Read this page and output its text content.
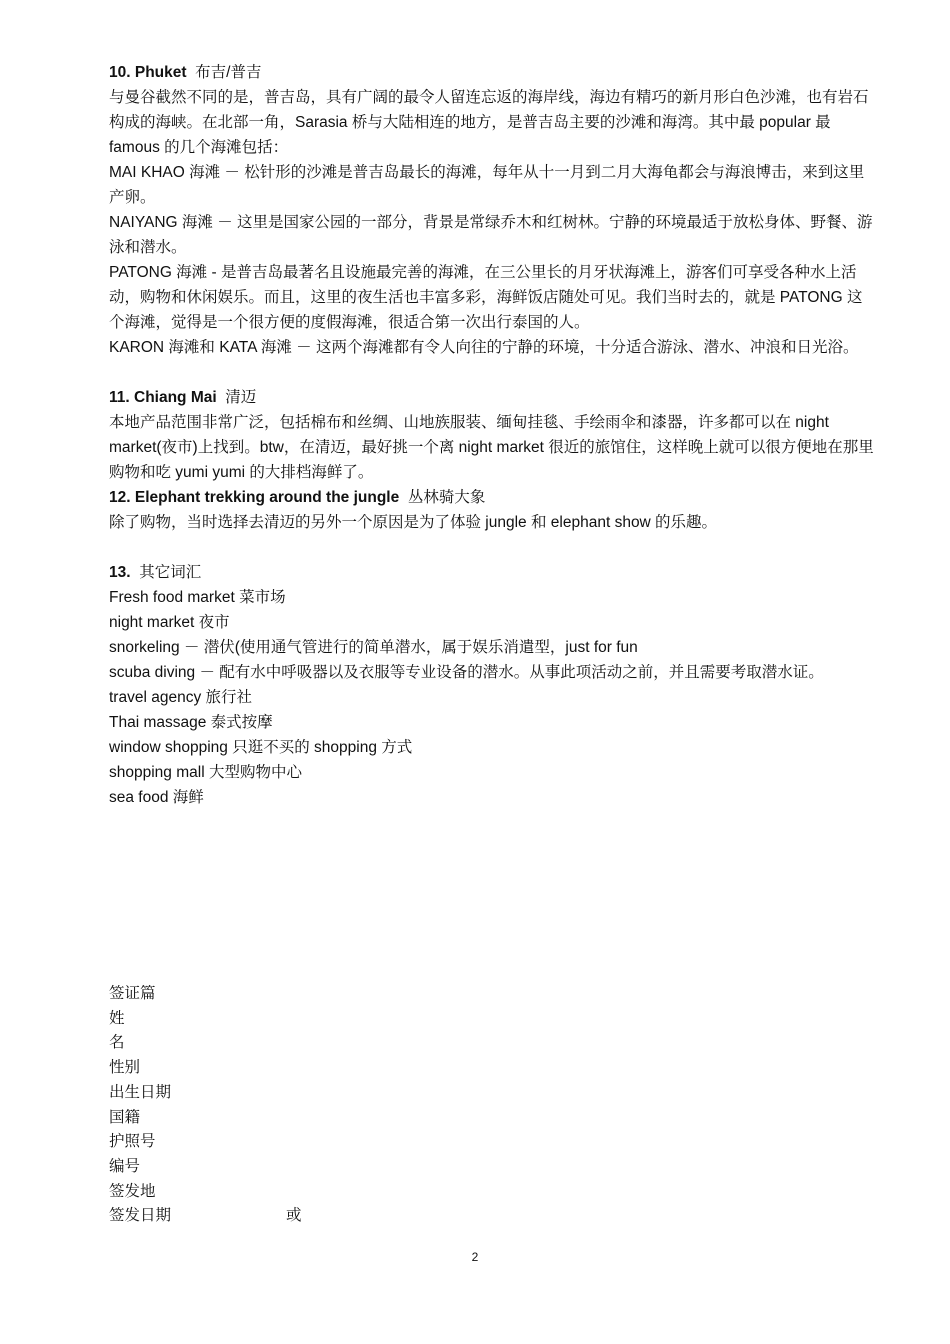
10. Phuket 布吉/普吉

与曼谷截然不同的是，普吉岛，具有广阔的最令人留连忘返的海岸线，海边有精巧的新月形白色沙滩，也有岩石构成的海峡。在北部一角，Sarasia 桥与大陆相连的地方，是普吉岛主要的沙滩和海湾。其中最 popular 最 famous 的几个海滩包括：

MAI KHAO 海滩 － 松针形的沙滩是普吉岛最长的海滩，每年从十一月到二月大海龟都会与海浪博击，来到这里产卵。

NAIYANG 海滩 － 这里是国家公园的一部分，背景是常绿乔木和红树林。宁静的环境最适于放松身体、野餐、游泳和潜水。

PATONG 海滩 - 是普吉岛最著名且设施最完善的海滩，在三公里长的月牙状海滩上，游客们可享受各种水上活动，购物和休闲娱乐。而且，这里的夜生活也丰富多彩，海鲜饭店随处可见。我们当时去的，就是 PATONG 这个海滩，觉得是一个很方便的度假海滩，很适合第一次出行泰国的人。

KARON 海滩和 KATA 海滩 － 这两个海滩都有令人向往的宁静的环境，十分适合游泳、潜水、冲浪和日光浴。

11. Chiang Mai 清迈

本地产品范围非常广泛，包括棉布和丝绸、山地族服装、缅甸挂毯、手绘雨伞和漆器，许多都可以在 night market(夜市)上找到。btw，在清迈，最好挑一个离 night market 很近的旅馆住，这样晚上就可以很方便地在那里购物和吃 yumi yumi 的大排档海鲜了。

12. Elephant trekking around the jungle 丛林骑大象

除了购物，当时选择去清迈的另外一个原因是为了体验 jungle 和 elephant show 的乐趣。

13. 其它词汇

Fresh food market 菜市场

night market 夜市

snorkeling － 潜伏(使用通气管进行的简单潜水，属于娱乐消遣型，just for fun

scuba diving － 配有水中呼吸器以及衣服等专业设备的潜水。从事此项活动之前，并且需要考取潜水证。

travel agency 旅行社

Thai massage 泰式按摩

window shopping 只逛不买的 shopping 方式

shopping mall 大型购物中心

sea food 海鲜

签证篇
姓
名
性别
出生日期
国籍
护照号
编号
签发地
签发日期	或
2
